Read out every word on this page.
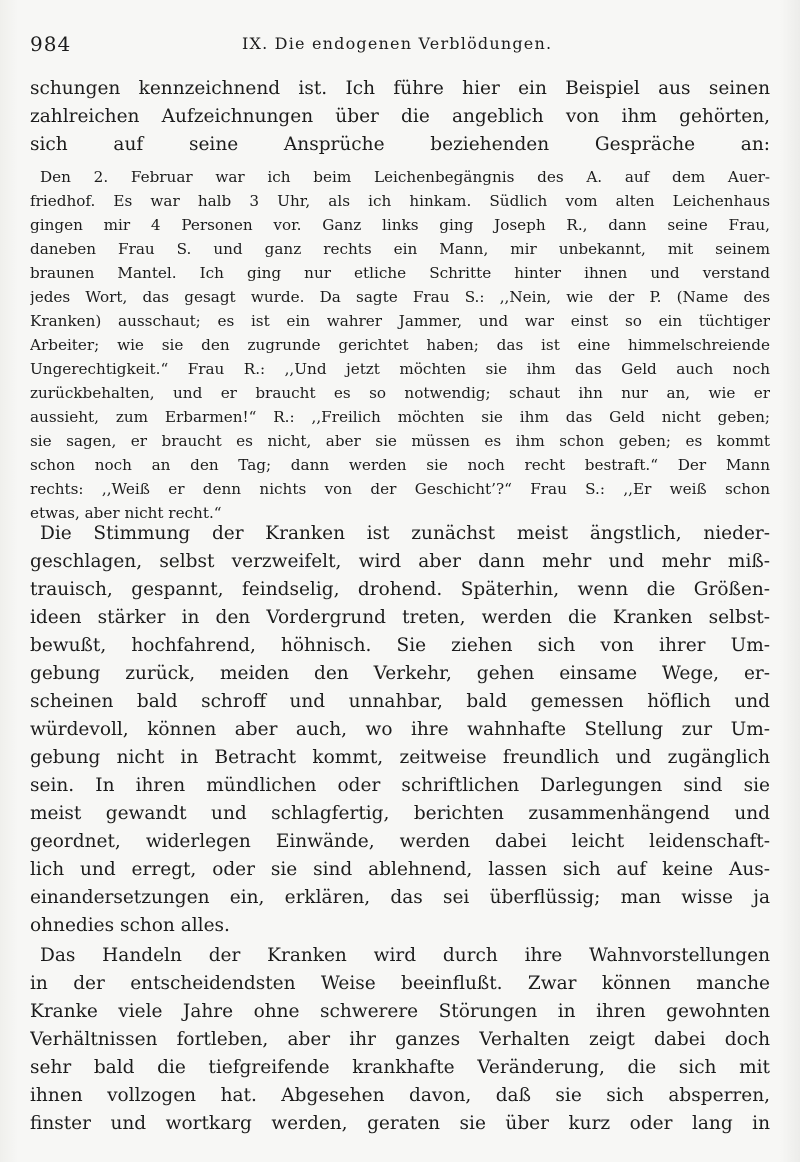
984	IX. Die endogenen Verblödungen.
schungen kennzeichnend ist. Ich führe hier ein Beispiel aus seinen
zahlreichen Aufzeichnungen über die angeblich von ihm gehörten,
sich auf seine Ansprüche beziehenden Gespräche an:
Den 2. Februar war ich beim Leichenbegängnis des A. auf dem Auer-
friedhof. Es war halb 3 Uhr, als ich hinkam. Südlich vom alten Leichenhaus
gingen mir 4 Personen vor. Ganz links ging Joseph R., dann seine Frau,
daneben Frau S. und ganz rechts ein Mann, mir unbekannt, mit seinem
braunen Mantel. Ich ging nur etliche Schritte hinter ihnen und verstand
jedes Wort, das gesagt wurde. Da sagte Frau S.: ,,Nein, wie der P. (Name des
Kranken) ausschaut; es ist ein wahrer Jammer, und war einst so ein tüchtiger
Arbeiter; wie sie den zugrunde gerichtet haben; das ist eine himmelschreiende
Ungerechtigkeit.“ Frau R.: ,,Und jetzt möchten sie ihm das Geld auch noch
zurückbehalten, und er braucht es so notwendig; schaut ihn nur an, wie er
aussieht, zum Erbarmen!“ R.: ,,Freilich möchten sie ihm das Geld nicht geben;
sie sagen, er braucht es nicht, aber sie müssen es ihm schon geben; es kommt
schon noch an den Tag; dann werden sie noch recht bestraft.“ Der Mann
rechts: ,,Weiß er denn nichts von der Geschicht’?“ Frau S.: ,,Er weiß schon
etwas, aber nicht recht.“
Die Stimmung der Kranken ist zunächst meist ängstlich, nieder-
geschlagen, selbst verzweifelt, wird aber dann mehr und mehr miß-
trauisch, gespannt, feindselig, drohend. Späterhin, wenn die Größen-
ideen stärker in den Vordergrund treten, werden die Kranken selbst-
bewußt, hochfahrend, höhnisch. Sie ziehen sich von ihrer Um-
gebung zurück, meiden den Verkehr, gehen einsame Wege, er-
scheinen bald schroff und unnahbar, bald gemessen höflich und
würdevoll, können aber auch, wo ihre wahnhafte Stellung zur Um-
gebung nicht in Betracht kommt, zeitweise freundlich und zugänglich
sein. In ihren mündlichen oder schriftlichen Darlegungen sind sie
meist gewandt und schlagfertig, berichten zusammenhängend und
geordnet, widerlegen Einwände, werden dabei leicht leidenschaft-
lich und erregt, oder sie sind ablehnend, lassen sich auf keine Aus-
einandersetzungen ein, erklären, das sei überflüssig; man wisse ja
ohnedies schon alles.
Das Handeln der Kranken wird durch ihre Wahnvorstellungen
in der entscheidendsten Weise beeinflußt. Zwar können manche
Kranke viele Jahre ohne schwerere Störungen in ihren gewohnten
Verhältnissen fortleben, aber ihr ganzes Verhalten zeigt dabei doch
sehr bald die tiefgreifende krankhafte Veränderung, die sich mit
ihnen vollzogen hat. Abgesehen davon, daß sie sich absperren,
finster und wortkarg werden, geraten sie über kurz oder lang in
